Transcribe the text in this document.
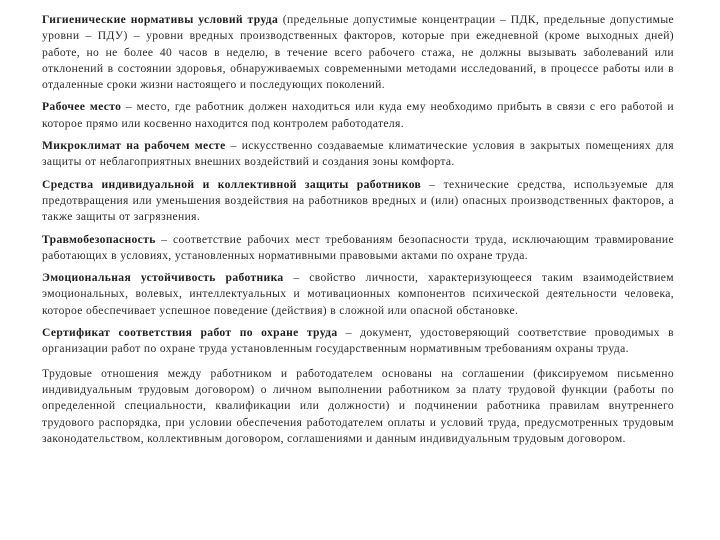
Гигиенические нормативы условий труда (предельные допустимые концентрации – ПДК, предельные допустимые уровни – ПДУ) – уровни вредных производственных факторов, которые при ежедневной (кроме выходных дней) работе, но не более 40 часов в неделю, в течение всего рабочего стажа, не должны вызывать заболеваний или отклонений в состоянии здоровья, обнаруживаемых современными методами исследований, в процессе работы или в отдаленные сроки жизни настоящего и последующих поколений.

Рабочее место – место, где работник должен находиться или куда ему необходимо прибыть в связи с его работой и которое прямо или косвенно находится под контролем работодателя.

Микроклимат на рабочем месте – искусственно создаваемые климатические условия в закрытых помещениях для защиты от неблагоприятных внешних воздействий и создания зоны комфорта.

Средства индивидуальной и коллективной защиты работников – технические средства, используемые для предотвращения или уменьшения воздействия на работников вредных и (или) опасных производственных факторов, а также защиты от загрязнения.

Травмобезопасность – соответствие рабочих мест требованиям безопасности труда, исключающим травмирование работающих в условиях, установленных нормативными правовыми актами по охране труда.

Эмоциональная устойчивость работника – свойство личности, характеризующееся таким взаимодействием эмоциональных, волевых, интеллектуальных и мотивационных компонентов психической деятельности человека, которое обеспечивает успешное поведение (действия) в сложной или опасной обстановке.

Сертификат соответствия работ по охране труда – документ, удостоверяющий соответствие проводимых в организации работ по охране труда установленным государственным нормативным требованиям охраны труда.

Трудовые отношения между работником и работодателем основаны на соглашении (фиксируемом письменно индивидуальным трудовым договором) о личном выполнении работником за плату трудовой функции (работы по определенной специальности, квалификации или должности) и подчинении работника правилам внутреннего трудового распорядка, при условии обеспечения работодателем оплаты и условий труда, предусмотренных трудовым законодательством, коллективным договором, соглашениями и данным индивидуальным трудовым договором.
